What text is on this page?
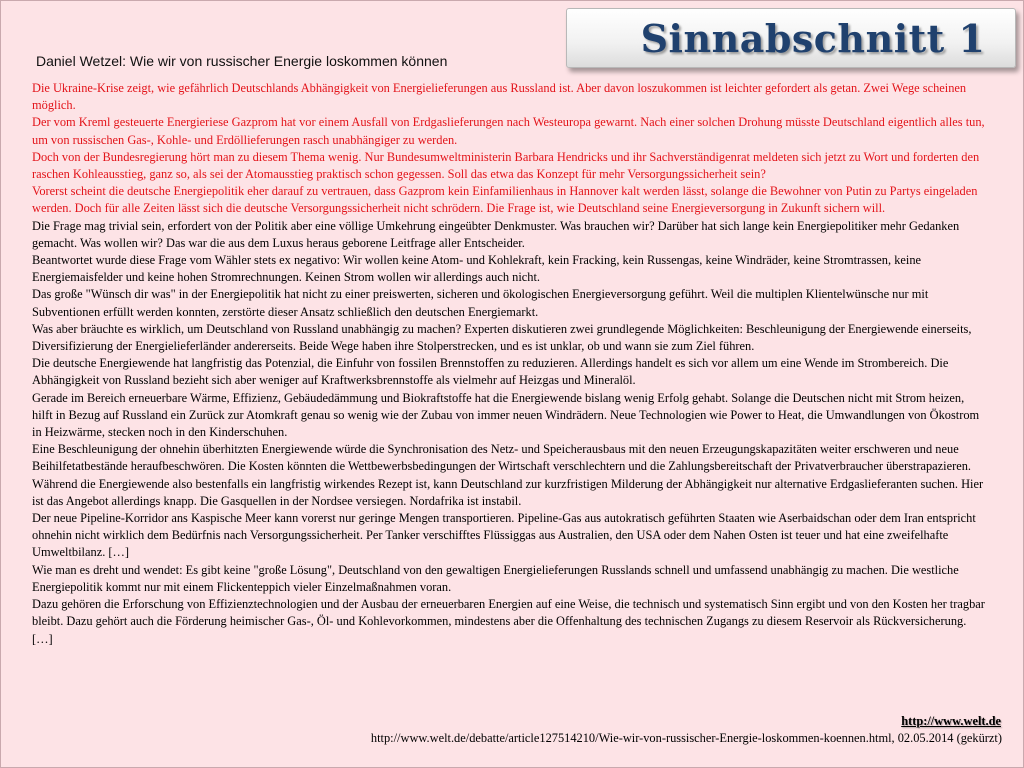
Sinnabschnitt 1

Daniel Wetzel: Wie wir von russischer Energie loskommen können

Die Ukraine-Krise zeigt, wie gefährlich Deutschlands Abhängigkeit von Energielieferungen aus Russland ist. Aber davon loszukommen ist leichter gefordert als getan. Zwei Wege scheinen möglich.

Der vom Kreml gesteuerte Energieriese Gazprom hat vor einem Ausfall von Erdgaslieferungen nach Westeuropa gewarnt. Nach einer solchen Drohung müsste Deutschland eigentlich alles tun, um von russischen Gas-, Kohle- und Erdöllieferungen rasch unabhängiger zu werden.

Doch von der Bundesregierung hört man zu diesem Thema wenig. Nur Bundesumweltministerin Barbara Hendricks und ihr Sachverständigenrat meldeten sich jetzt zu Wort und forderten den raschen Kohleausstieg, ganz so, als sei der Atomausstieg praktisch schon gegessen. Soll das etwa das Konzept für mehr Versorgungssicherheit sein?

Vorerst scheint die deutsche Energiepolitik eher darauf zu vertrauen, dass Gazprom kein Einfamilienhaus in Hannover kalt werden lässt, solange die Bewohner von Putin zu Partys eingeladen werden. Doch für alle Zeiten lässt sich die deutsche Versorgungssicherheit nicht schrödern. Die Frage ist, wie Deutschland seine Energieversorgung in Zukunft sichern will.

Die Frage mag trivial sein, erfordert von der Politik aber eine völlige Umkehrung eingeübter Denkmuster. Was brauchen wir? Darüber hat sich lange kein Energiepolitiker mehr Gedanken gemacht. Was wollen wir? Das war die aus dem Luxus heraus geborene Leitfrage aller Entscheider.

Beantwortet wurde diese Frage vom Wähler stets ex negativo: Wir wollen keine Atom- und Kohlekraft, kein Fracking, kein Russengas, keine Windräder, keine Stromtrassen, keine Energiemaisfelder und keine hohen Stromrechnungen. Keinen Strom wollen wir allerdings auch nicht.

Das große "Wünsch dir was" in der Energiepolitik hat nicht zu einer preiswerten, sicheren und ökologischen Energieversorgung geführt. Weil die multiplen Klientelwünsche nur mit Subventionen erfüllt werden konnten, zerstörte dieser Ansatz schließlich den deutschen Energiemarkt.

Was aber bräuchte es wirklich, um Deutschland von Russland unabhängig zu machen? Experten diskutieren zwei grundlegende Möglichkeiten: Beschleunigung der Energiewende einerseits, Diversifizierung der Energielieferländer andererseits. Beide Wege haben ihre Stolperstrecken, und es ist unklar, ob und wann sie zum Ziel führen.

Die deutsche Energiewende hat langfristig das Potenzial, die Einfuhr von fossilen Brennstoffen zu reduzieren. Allerdings handelt es sich vor allem um eine Wende im Strombereich. Die Abhängigkeit von Russland bezieht sich aber weniger auf Kraftwerksbrennstoffe als vielmehr auf Heizgas und Mineralöl.

Gerade im Bereich erneuerbare Wärme, Effizienz, Gebäudedämmung und Biokraftstoffe hat die Energiewende bislang wenig Erfolg gehabt. Solange die Deutschen nicht mit Strom heizen, hilft in Bezug auf Russland ein Zurück zur Atomkraft genau so wenig wie der Zubau von immer neuen Windrädern. Neue Technologien wie Power to Heat, die Umwandlungen von Ökostrom in Heizwärme, stecken noch in den Kinderschuhen.

Eine Beschleunigung der ohnehin überhitzten Energiewende würde die Synchronisation des Netz- und Speicherausbaus mit den neuen Erzeugungskapazitäten weiter erschweren und neue Beihilfetatbestände heraufbeschwören. Die Kosten könnten die Wettbewerbsbedingungen der Wirtschaft verschlechtern und die Zahlungsbereitschaft der Privatverbraucher überstrapazieren.

Während die Energiewende also bestenfalls ein langfristig wirkendes Rezept ist, kann Deutschland zur kurzfristigen Milderung der Abhängigkeit nur alternative Erdgaslieferanten suchen. Hier ist das Angebot allerdings knapp. Die Gasquellen in der Nordsee versiegen. Nordafrika ist instabil.

Der neue Pipeline-Korridor ans Kaspische Meer kann vorerst nur geringe Mengen transportieren. Pipeline-Gas aus autokratisch geführten Staaten wie Aserbaidschan oder dem Iran entspricht ohnehin nicht wirklich dem Bedürfnis nach Versorgungssicherheit. Per Tanker verschifftes Flüssiggas aus Australien, den USA oder dem Nahen Osten ist teuer und hat eine zweifelhafte Umweltbilanz. […]

Wie man es dreht und wendet: Es gibt keine "große Lösung", Deutschland von den gewaltigen Energielieferungen Russlands schnell und umfassend unabhängig zu machen. Die westliche Energiepolitik kommt nur mit einem Flickenteppich vieler Einzelmaßnahmen voran.

Dazu gehören die Erforschung von Effizienztechnologien und der Ausbau der erneuerbaren Energien auf eine Weise, die technisch und systematisch Sinn ergibt und von den Kosten her tragbar bleibt. Dazu gehört auch die Förderung heimischer Gas-, Öl- und Kohlevorkommen, mindestens aber die Offenhaltung des technischen Zugangs zu diesem Reservoir als Rückversicherung. […]

http://www.welt.de
http://www.welt.de/debatte/article127514210/Wie-wir-von-russischer-Energie-loskommen-koennen.html, 02.05.2014 (gekürzt)
